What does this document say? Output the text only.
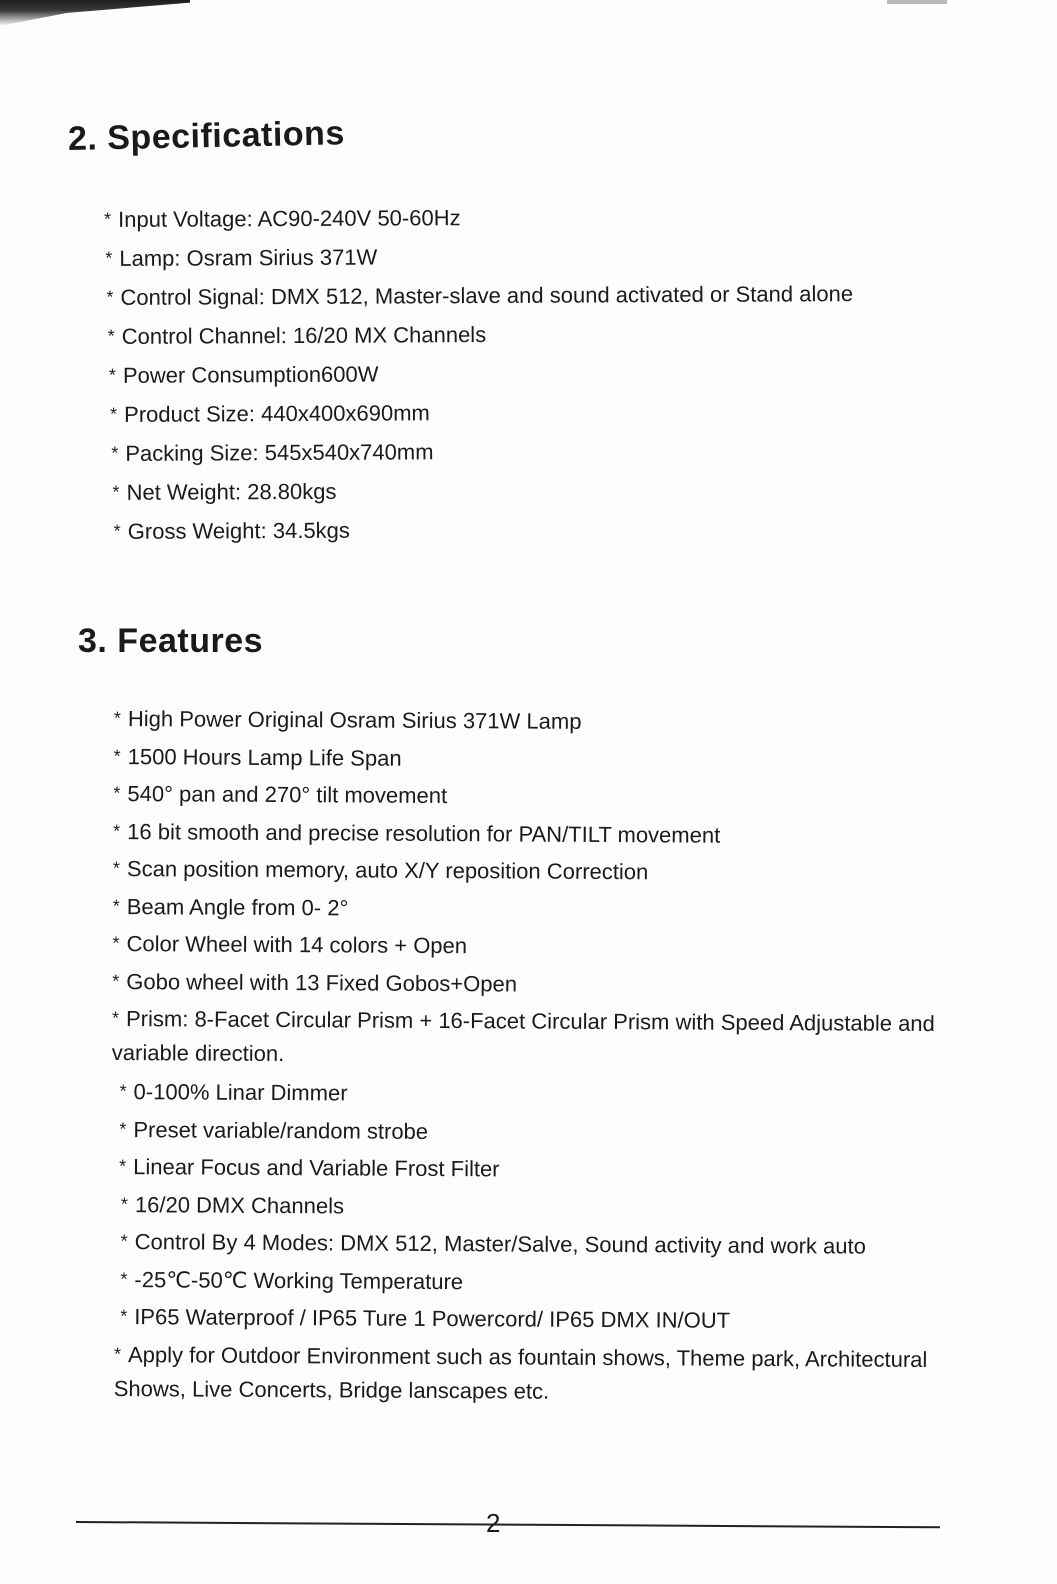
2. Specifications
* Input Voltage: AC90-240V 50-60Hz
* Lamp: Osram Sirius 371W
* Control Signal: DMX 512, Master-slave and sound activated or Stand alone
* Control Channel: 16/20 MX Channels
* Power Consumption600W
* Product Size: 440x400x690mm
* Packing Size: 545x540x740mm
* Net Weight: 28.80kgs
* Gross Weight: 34.5kgs
3. Features
* High Power Original Osram Sirius 371W Lamp
* 1500 Hours Lamp Life Span
* 540° pan and 270° tilt movement
* 16 bit smooth and precise resolution for PAN/TILT movement
* Scan position memory, auto X/Y reposition Correction
* Beam Angle from 0- 2°
* Color Wheel with 14 colors + Open
* Gobo wheel with 13 Fixed Gobos+Open
* Prism: 8-Facet Circular Prism + 16-Facet Circular Prism with Speed Adjustable and variable direction.
* 0-100% Linar Dimmer
* Preset variable/random strobe
* Linear Focus and Variable Frost Filter
* 16/20 DMX Channels
* Control By 4 Modes: DMX 512, Master/Salve, Sound activity and work auto
* -25℃-50℃ Working Temperature
* IP65 Waterproof / IP65 Ture 1 Powercord/ IP65 DMX IN/OUT
* Apply for Outdoor Environment such as fountain shows, Theme park, Architectural Shows, Live Concerts, Bridge lanscapes etc.

2
